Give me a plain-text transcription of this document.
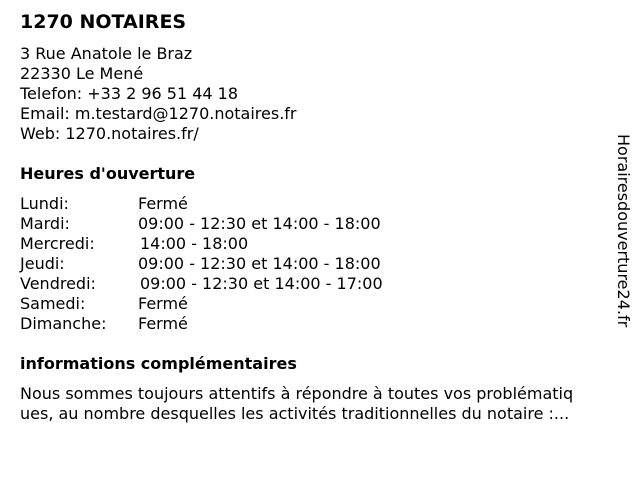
1270 NOTAIRES
3 Rue Anatole le Braz
22330 Le Mené
Telefon: +33 2 96 51 44 18
Email: m.testard@1270.notaires.fr
Web: 1270.notaires.fr/
Heures d'ouverture
Lundi:	Fermé
Mardi:	09:00 - 12:30 et 14:00 - 18:00
Mercredi:	14:00 - 18:00
Jeudi:	09:00 - 12:30 et 14:00 - 18:00
Vendredi:	09:00 - 12:30 et 14:00 - 17:00
Samedi:	Fermé
Dimanche: Fermé
informations complémentaires
Nous sommes toujours attentifs à répondre à toutes vos problématiq
ues, au nombre desquelles les activités traditionnelles du notaire :...
Horairesdouverture24.fr
